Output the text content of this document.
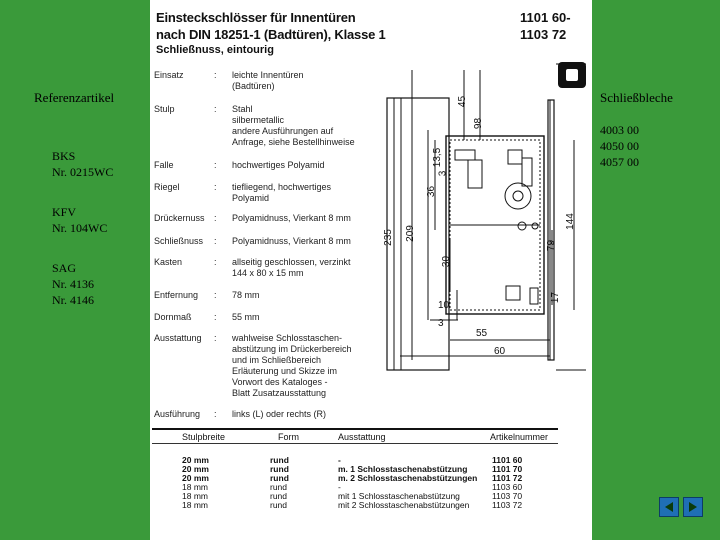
Referenzartikel
BKS
Nr. 0215WC
KFV
Nr. 104WC
SAG
Nr. 4136
Nr. 4146
Schließbleche
4003 00
4050 00
4057 00
Einsteckschlösser für Innentüren
nach DIN 18251-1 (Badtüren), Klasse 1
Schließnuss, eintourig
1101 60-
1103 72
Einsatz	: leichte Innentüren
(Badtüren)
Stulp	: Stahl
silbermetallic
andere Ausführungen auf
Anfrage, siehe Bestellhinweise
Falle	: hochwertiges Polyamid
Riegel	: tiefliegend, hochwertiges
Polyamid
Drückernuss	: Polyamidnuss, Vierkant 8 mm
Schließnuss	: Polyamidnuss, Vierkant 8 mm
Kasten	: allseitig geschlossen, verzinkt
144 x 80 x 15 mm
Entfernung	: 78 mm
Dornmaß	: 55 mm
Ausstattung	: wahlweise Schlosstaschen-
abstützung im Drückerbereich
und im Schließbereich
Erläuterung und Skizze im
Vorwort des Kataloges -
Blatt Zusatzausstattung
Ausführung	: links (L) oder rechts (R)
45
98
3
36
13,5
209
235
30
10
3
55
60
79
144
17
Stulpbreite	Form	Ausstattung	Artikelnummer
20 mm	rund	-	1101 60
20 mm	rund	m. 1 Schlosstaschenabstützung	1101 70
20 mm	rund	m. 2 Schlosstaschenabstützungen 1101 72
18 mm	rund	-	1103 60
18 mm	rund	mit 1 Schlosstaschenabstützung	1103 70
18 mm	rund	mit 2 Schlosstaschenabstützungen	1103 72
